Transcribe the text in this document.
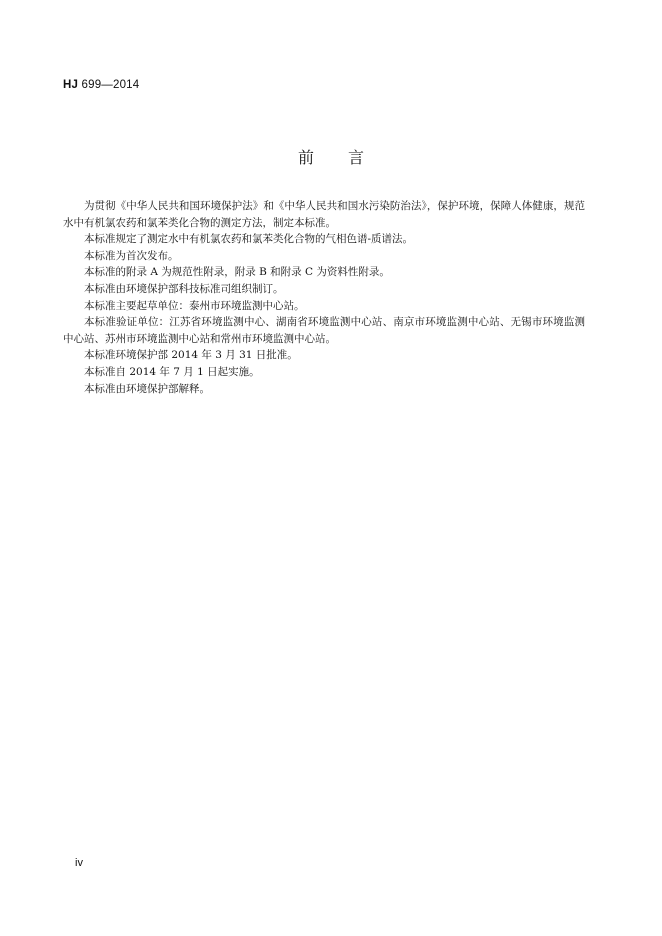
HJ 699—2014
前言

为贯彻《中华人民共和国环境保护法》和《中华人民共和国水污染防治法》，保护环境，保障人体健康，规范水中有机氯农药和氯苯类化合物的测定方法，制定本标准。

本标准规定了测定水中有机氯农药和氯苯类化合物的气相色谱-质谱法。

本标准为首次发布。

本标准的附录 A 为规范性附录，附录 B 和附录 C 为资料性附录。

本标准由环境保护部科技标准司组织制订。

本标准主要起草单位：泰州市环境监测中心站。

本标准验证单位：江苏省环境监测中心、湖南省环境监测中心站、南京市环境监测中心站、无锡市环境监测中心站、苏州市环境监测中心站和常州市环境监测中心站。

本标准环境保护部 2014 年 3 月 31 日批准。

本标准自 2014 年 7 月 1 日起实施。

本标准由环境保护部解释。

iv
